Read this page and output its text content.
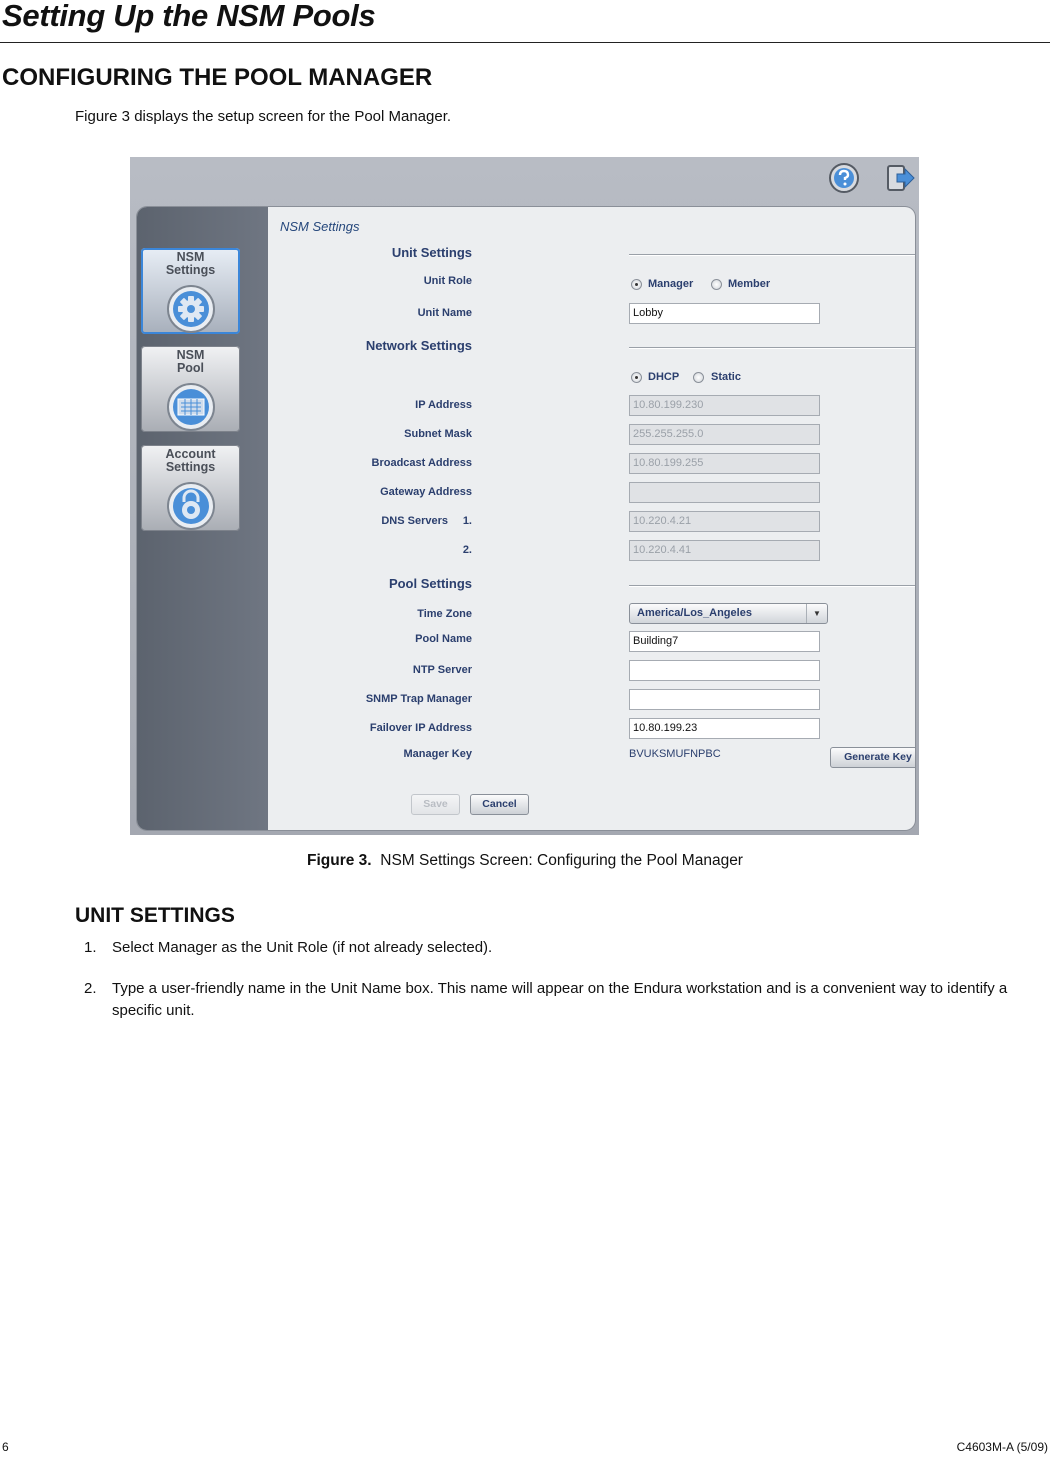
Setting Up the NSM Pools
CONFIGURING THE POOL MANAGER
Figure 3 displays the setup screen for the Pool Manager.
NSM
Settings
NSM
Pool
Account
Settings
NSM Settings
Unit Settings
Unit Role	Manager	Member
Unit Name	Lobby
Network Settings
DHCP	Static
IP Address	10.80.199.230
Subnet Mask	255.255.255.0
Broadcast Address	10.80.199.255
Gateway Address
DNS Servers 1.	10.220.4.21
2.	10.220.4.41
Pool Settings
Time Zone	America/Los_Angeles	▼
Pool Name	Building7
NTP Server
SNMP Trap Manager
Failover IP Address	10.80.199.23
Manager Key	BVUKSMUFNPBC	Generate Key
Save	Cancel
Figure 3. NSM Settings Screen: Configuring the Pool Manager
UNIT SETTINGS
1. Select Manager as the Unit Role (if not already selected).
2. Type a user-friendly name in the Unit Name box. This name will appear on the Endura workstation and is a convenient way to identify a specific unit.
6	C4603M-A (5/09)
